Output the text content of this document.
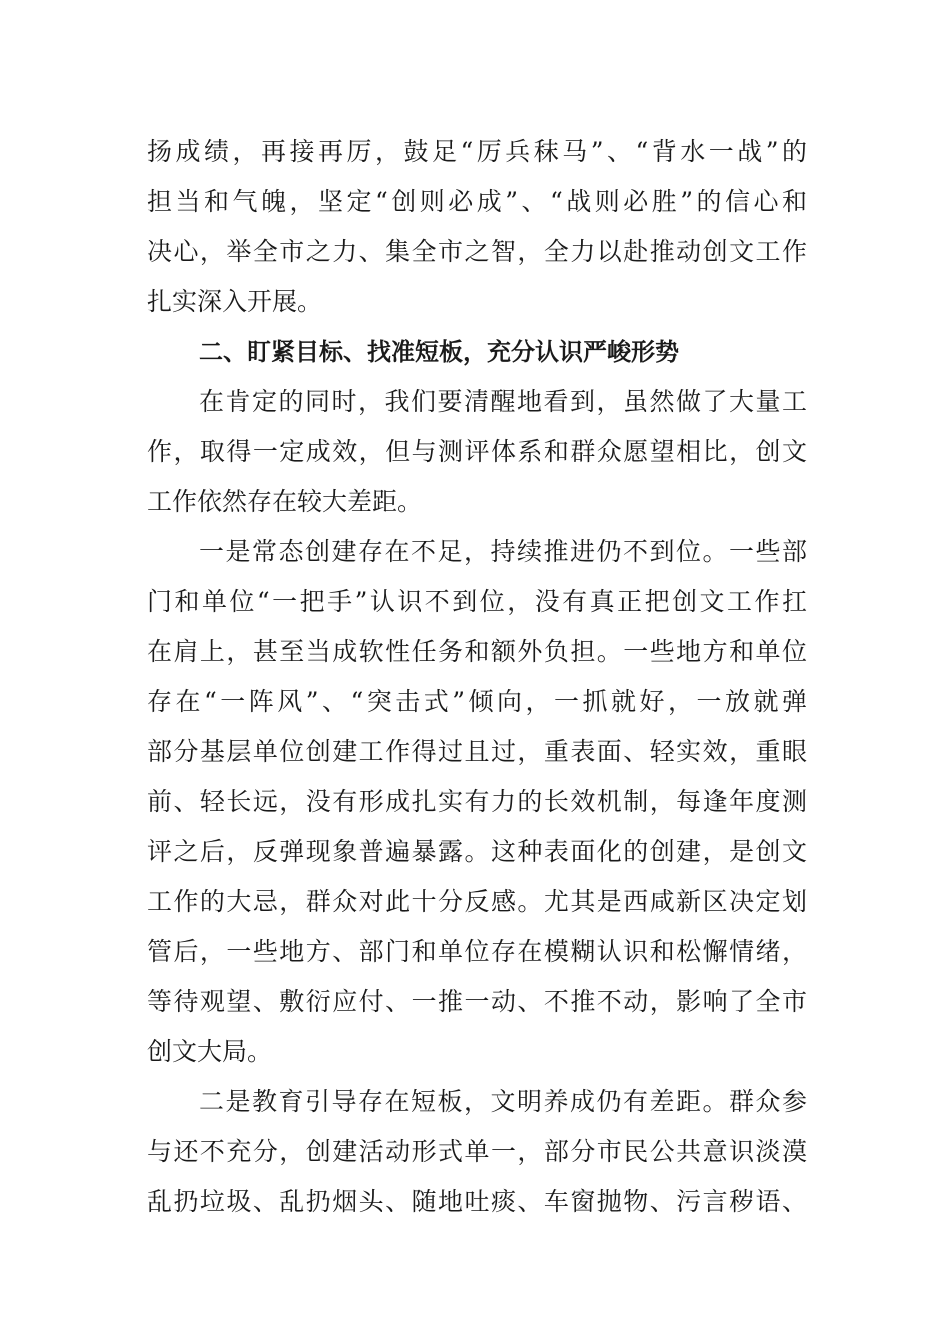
扬成绩，再接再厉，鼓足“厉兵秣马”、“背水一战”的
担当和气魄，坚定“创则必成”、“战则必胜”的信心和
决心，举全市之力、集全市之智，全力以赴推动创文工作
扎实深入开展。
二、盯紧目标、找准短板，充分认识严峻形势
在肯定的同时，我们要清醒地看到，虽然做了大量工
作，取得一定成效，但与测评体系和群众愿望相比，创文
工作依然存在较大差距。
一是常态创建存在不足，持续推进仍不到位。一些部
门和单位“一把手”认识不到位，没有真正把创文工作扛
在肩上，甚至当成软性任务和额外负担。一些地方和单位
存在“一阵风”、“突击式”倾向，一抓就好，一放就弹
部分基层单位创建工作得过且过，重表面、轻实效，重眼
前、轻长远，没有形成扎实有力的长效机制，每逢年度测
评之后，反弹现象普遍暴露。这种表面化的创建，是创文
工作的大忌，群众对此十分反感。尤其是西咸新区决定划
管后，一些地方、部门和单位存在模糊认识和松懈情绪，
等待观望、敷衍应付、一推一动、不推不动，影响了全市
创文大局。
二是教育引导存在短板，文明养成仍有差距。群众参
与还不充分，创建活动形式单一，部分市民公共意识淡漠
乱扔垃圾、乱扔烟头、随地吐痰、车窗抛物、污言秽语、
